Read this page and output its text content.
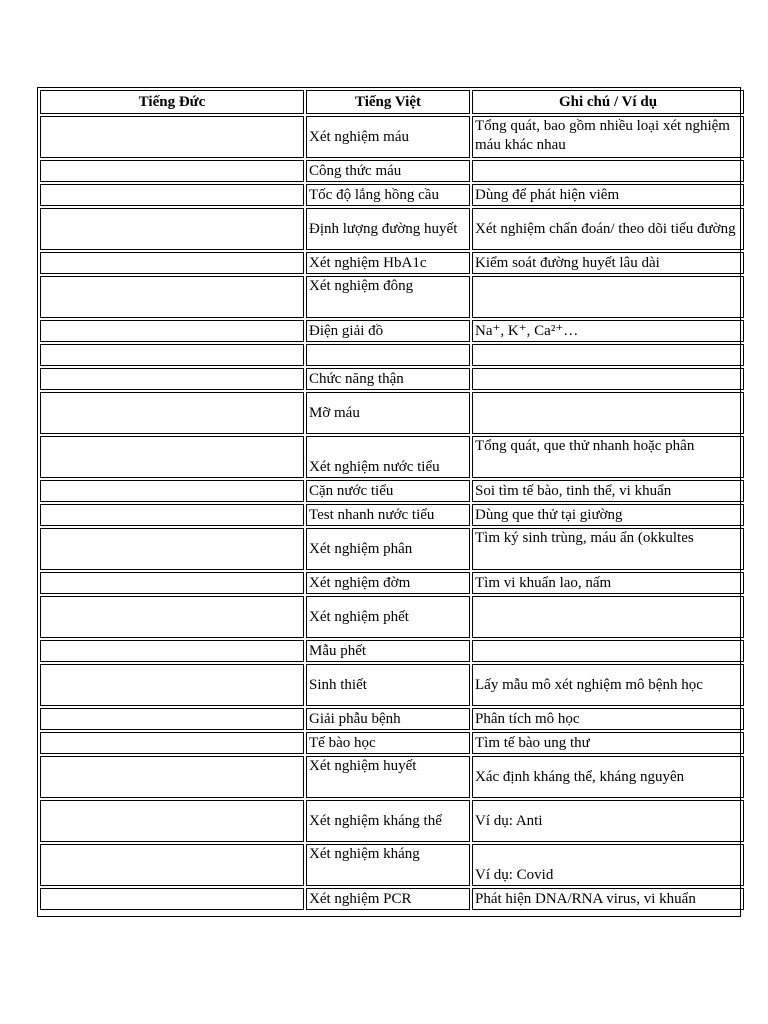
Tiếng Đức	Tiếng Việt	Ghi chú / Ví dụ
	Xét nghiệm máu	Tổng quát, bao gồm nhiều loại xét nghiệm máu khác nhau
	Công thức máu	
	Tốc độ lắng hồng cầu	Dùng để phát hiện viêm
	Định lượng đường huyết	Xét nghiệm chẩn đoán/ theo dõi tiểu đường
	Xét nghiệm HbA1c	Kiểm soát đường huyết lâu dài
	Xét nghiệm đông	
	Điện giải đồ	Na⁺, K⁺, Ca²⁺…

	Chức năng thận	
	Mỡ máu	
	Xét nghiệm nước tiểu	Tổng quát, que thử nhanh hoặc phân
	Cặn nước tiểu	Soi tìm tế bào, tinh thể, vi khuẩn
	Test nhanh nước tiểu	Dùng que thử tại giường
	Xét nghiệm phân	Tìm ký sinh trùng, máu ẩn (okkultes
	Xét nghiệm đờm	Tìm vi khuẩn lao, nấm
	Xét nghiệm phết	
	Mẫu phết	
	Sinh thiết	Lấy mẫu mô xét nghiệm mô bệnh học
	Giải phẫu bệnh	Phân tích mô học
	Tế bào học	Tìm tế bào ung thư
	Xét nghiệm huyết	Xác định kháng thể, kháng nguyên
	Xét nghiệm kháng thể	Ví dụ: Anti
	Xét nghiệm kháng	Ví dụ: Covid
	Xét nghiệm PCR	Phát hiện DNA/RNA virus, vi khuẩn
